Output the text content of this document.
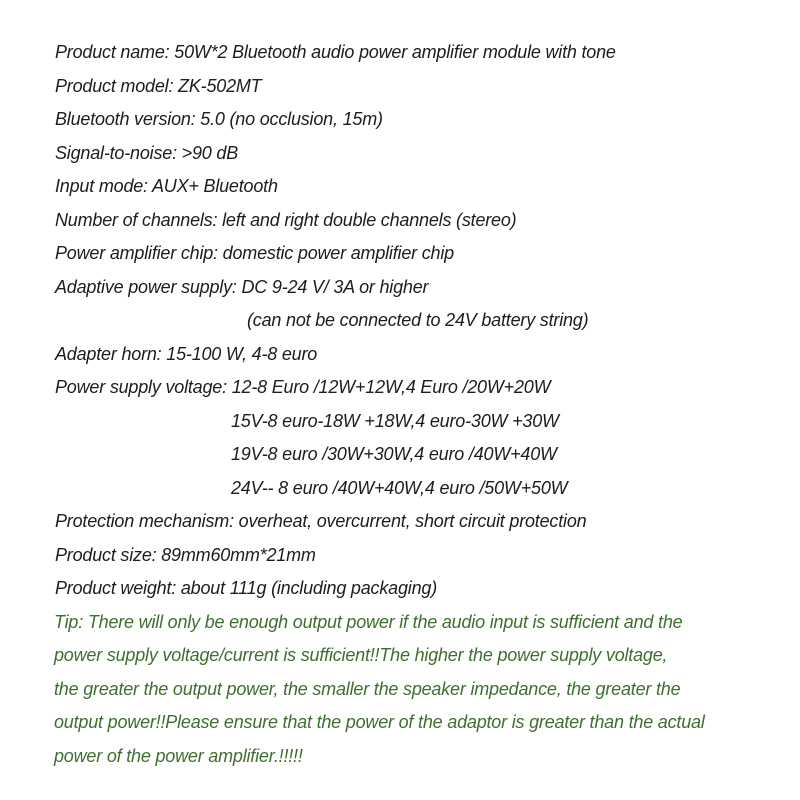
Product name: 50W*2 Bluetooth audio power amplifier module with tone
Product model: ZK-502MT
Bluetooth version: 5.0 (no occlusion, 15m)
Signal-to-noise: >90 dB
Input mode: AUX+ Bluetooth
Number of channels: left and right double channels (stereo)
Power amplifier chip: domestic power amplifier chip
Adaptive power supply: DC 9-24 V/ 3A or higher
(can not be connected to 24V battery string)
Adapter horn: 15-100 W, 4-8 euro
Power supply voltage: 12-8 Euro /12W+12W,4 Euro /20W+20W
15V-8 euro-18W +18W,4 euro-30W +30W
19V-8 euro /30W+30W,4 euro /40W+40W
24V-- 8 euro /40W+40W,4 euro /50W+50W
Protection mechanism: overheat, overcurrent, short circuit protection
Product size: 89mm60mm*21mm
Product weight: about 111g (including packaging)
Tip: There will only be enough output power if the audio input is sufficient and the
power supply voltage/current is sufficient!!The higher the power supply voltage,
the greater the output power, the smaller the speaker impedance, the greater the
output power!!Please ensure that the power of the adaptor is greater than the actual
power of the power amplifier.!!!!!
